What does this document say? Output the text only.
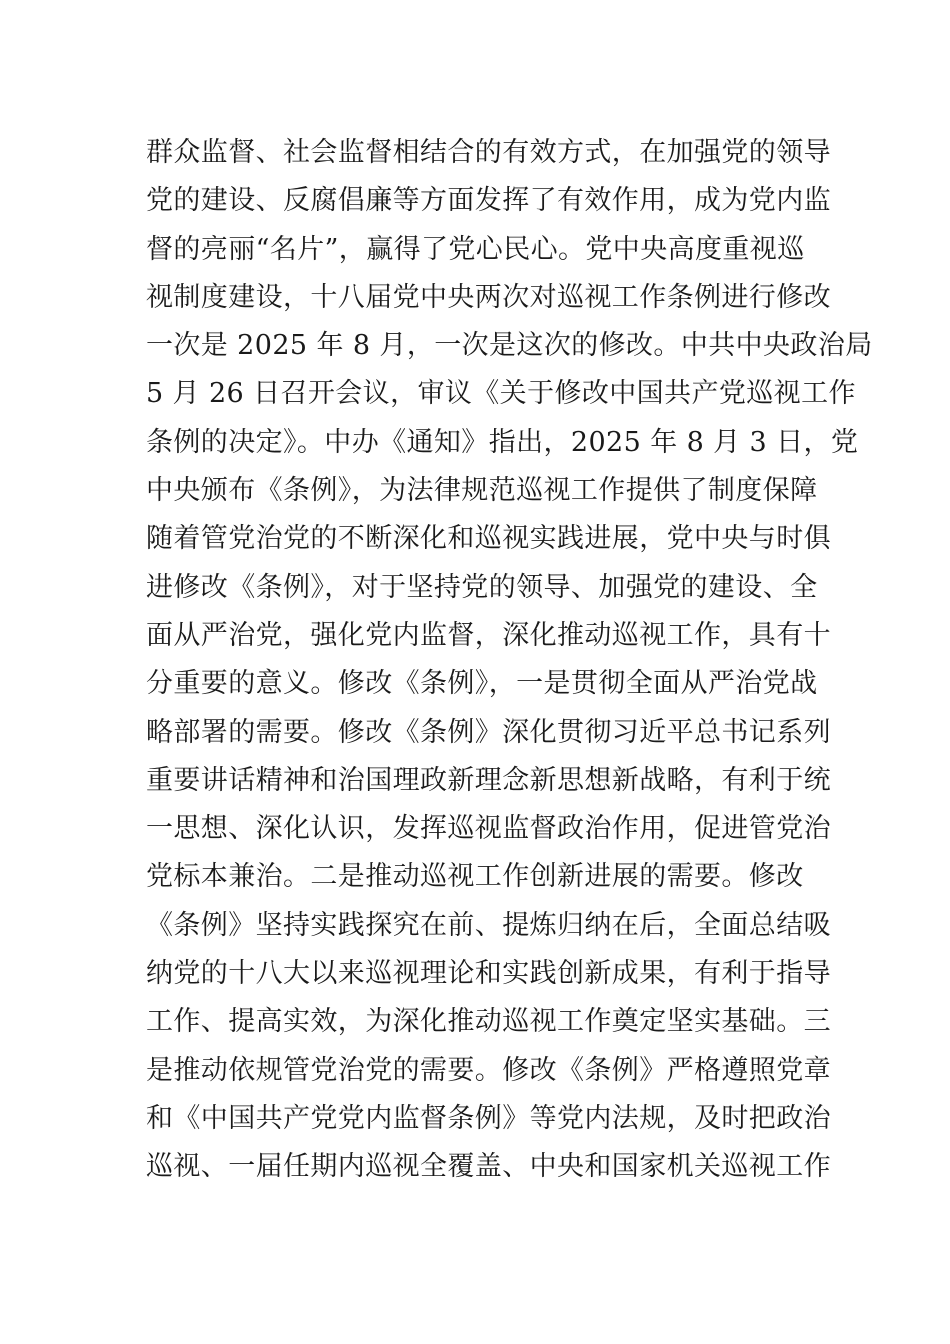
群众监督、社会监督相结合的有效方式，在加强党的领导
党的建设、反腐倡廉等方面发挥了有效作用，成为党内监
督的亮丽“名片”，赢得了党心民心。党中央高度重视巡
视制度建设，十八届党中央两次对巡视工作条例进行修改
一次是 2025 年 8 月，一次是这次的修改。中共中央政治局
5 月 26 日召开会议，审议《关于修改中国共产党巡视工作
条例的决定》。中办《通知》指出，2025 年 8 月 3 日，党
中央颁布《条例》，为法律规范巡视工作提供了制度保障
随着管党治党的不断深化和巡视实践进展，党中央与时俱
进修改《条例》，对于坚持党的领导、加强党的建设、全
面从严治党，强化党内监督，深化推动巡视工作，具有十
分重要的意义。修改《条例》，一是贯彻全面从严治党战
略部署的需要。修改《条例》深化贯彻习近平总书记系列
重要讲话精神和治国理政新理念新思想新战略，有利于统
一思想、深化认识，发挥巡视监督政治作用，促进管党治
党标本兼治。二是推动巡视工作创新进展的需要。修改
《条例》坚持实践探究在前、提炼归纳在后，全面总结吸
纳党的十八大以来巡视理论和实践创新成果，有利于指导
工作、提高实效，为深化推动巡视工作奠定坚实基础。三
是推动依规管党治党的需要。修改《条例》严格遵照党章
和《中国共产党党内监督条例》等党内法规，及时把政治
巡视、一届任期内巡视全覆盖、中央和国家机关巡视工作
